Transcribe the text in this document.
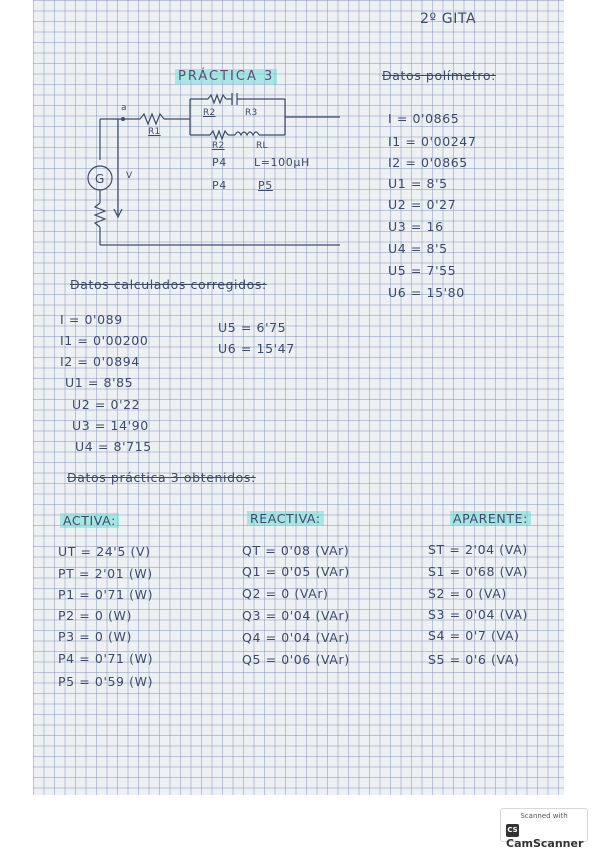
2º GITA
PRÁCTICA 3
a
R1
R2	R3
R2	RL
P4 L=100µH
P4	P5
G V
Datos polímetro:
I = 0'0865
I1 = 0'00247
I2 = 0'0865
U1 = 8'5
U2 = 0'27
U3 = 16
U4 = 8'5
U5 = 7'55
U6 = 15'80
Datos calculados corregidos:
I = 0'089
I1 = 0'00200
I2 = 0'0894
U1 = 8'85
U2 = 0'22
U3 = 14'90
U4 = 8'715
U5 = 6'75
U6 = 15'47
Datos práctica 3 obtenidos:
ACTIVA:
UT = 24'5 (V)
PT = 2'01 (W)
P1 = 0'71 (W)
P2 = 0 (W)
P3 = 0 (W)
P4 = 0'71 (W)
P5 = 0'59 (W)
REACTIVA:
QT = 0'08 (VAr)
Q1 = 0'05 (VAr)
Q2 = 0 (VAr)
Q3 = 0'04 (VAr)
Q4 = 0'04 (VAr)
Q5 = 0'06 (VAr)
APARENTE:
ST = 2'04 (VA)
S1 = 0'68 (VA)
S2 = 0 (VA)
S3 = 0'04 (VA)
S4 = 0'7 (VA)
S5 = 0'6 (VA)
Scanned with
CSCamScanner
